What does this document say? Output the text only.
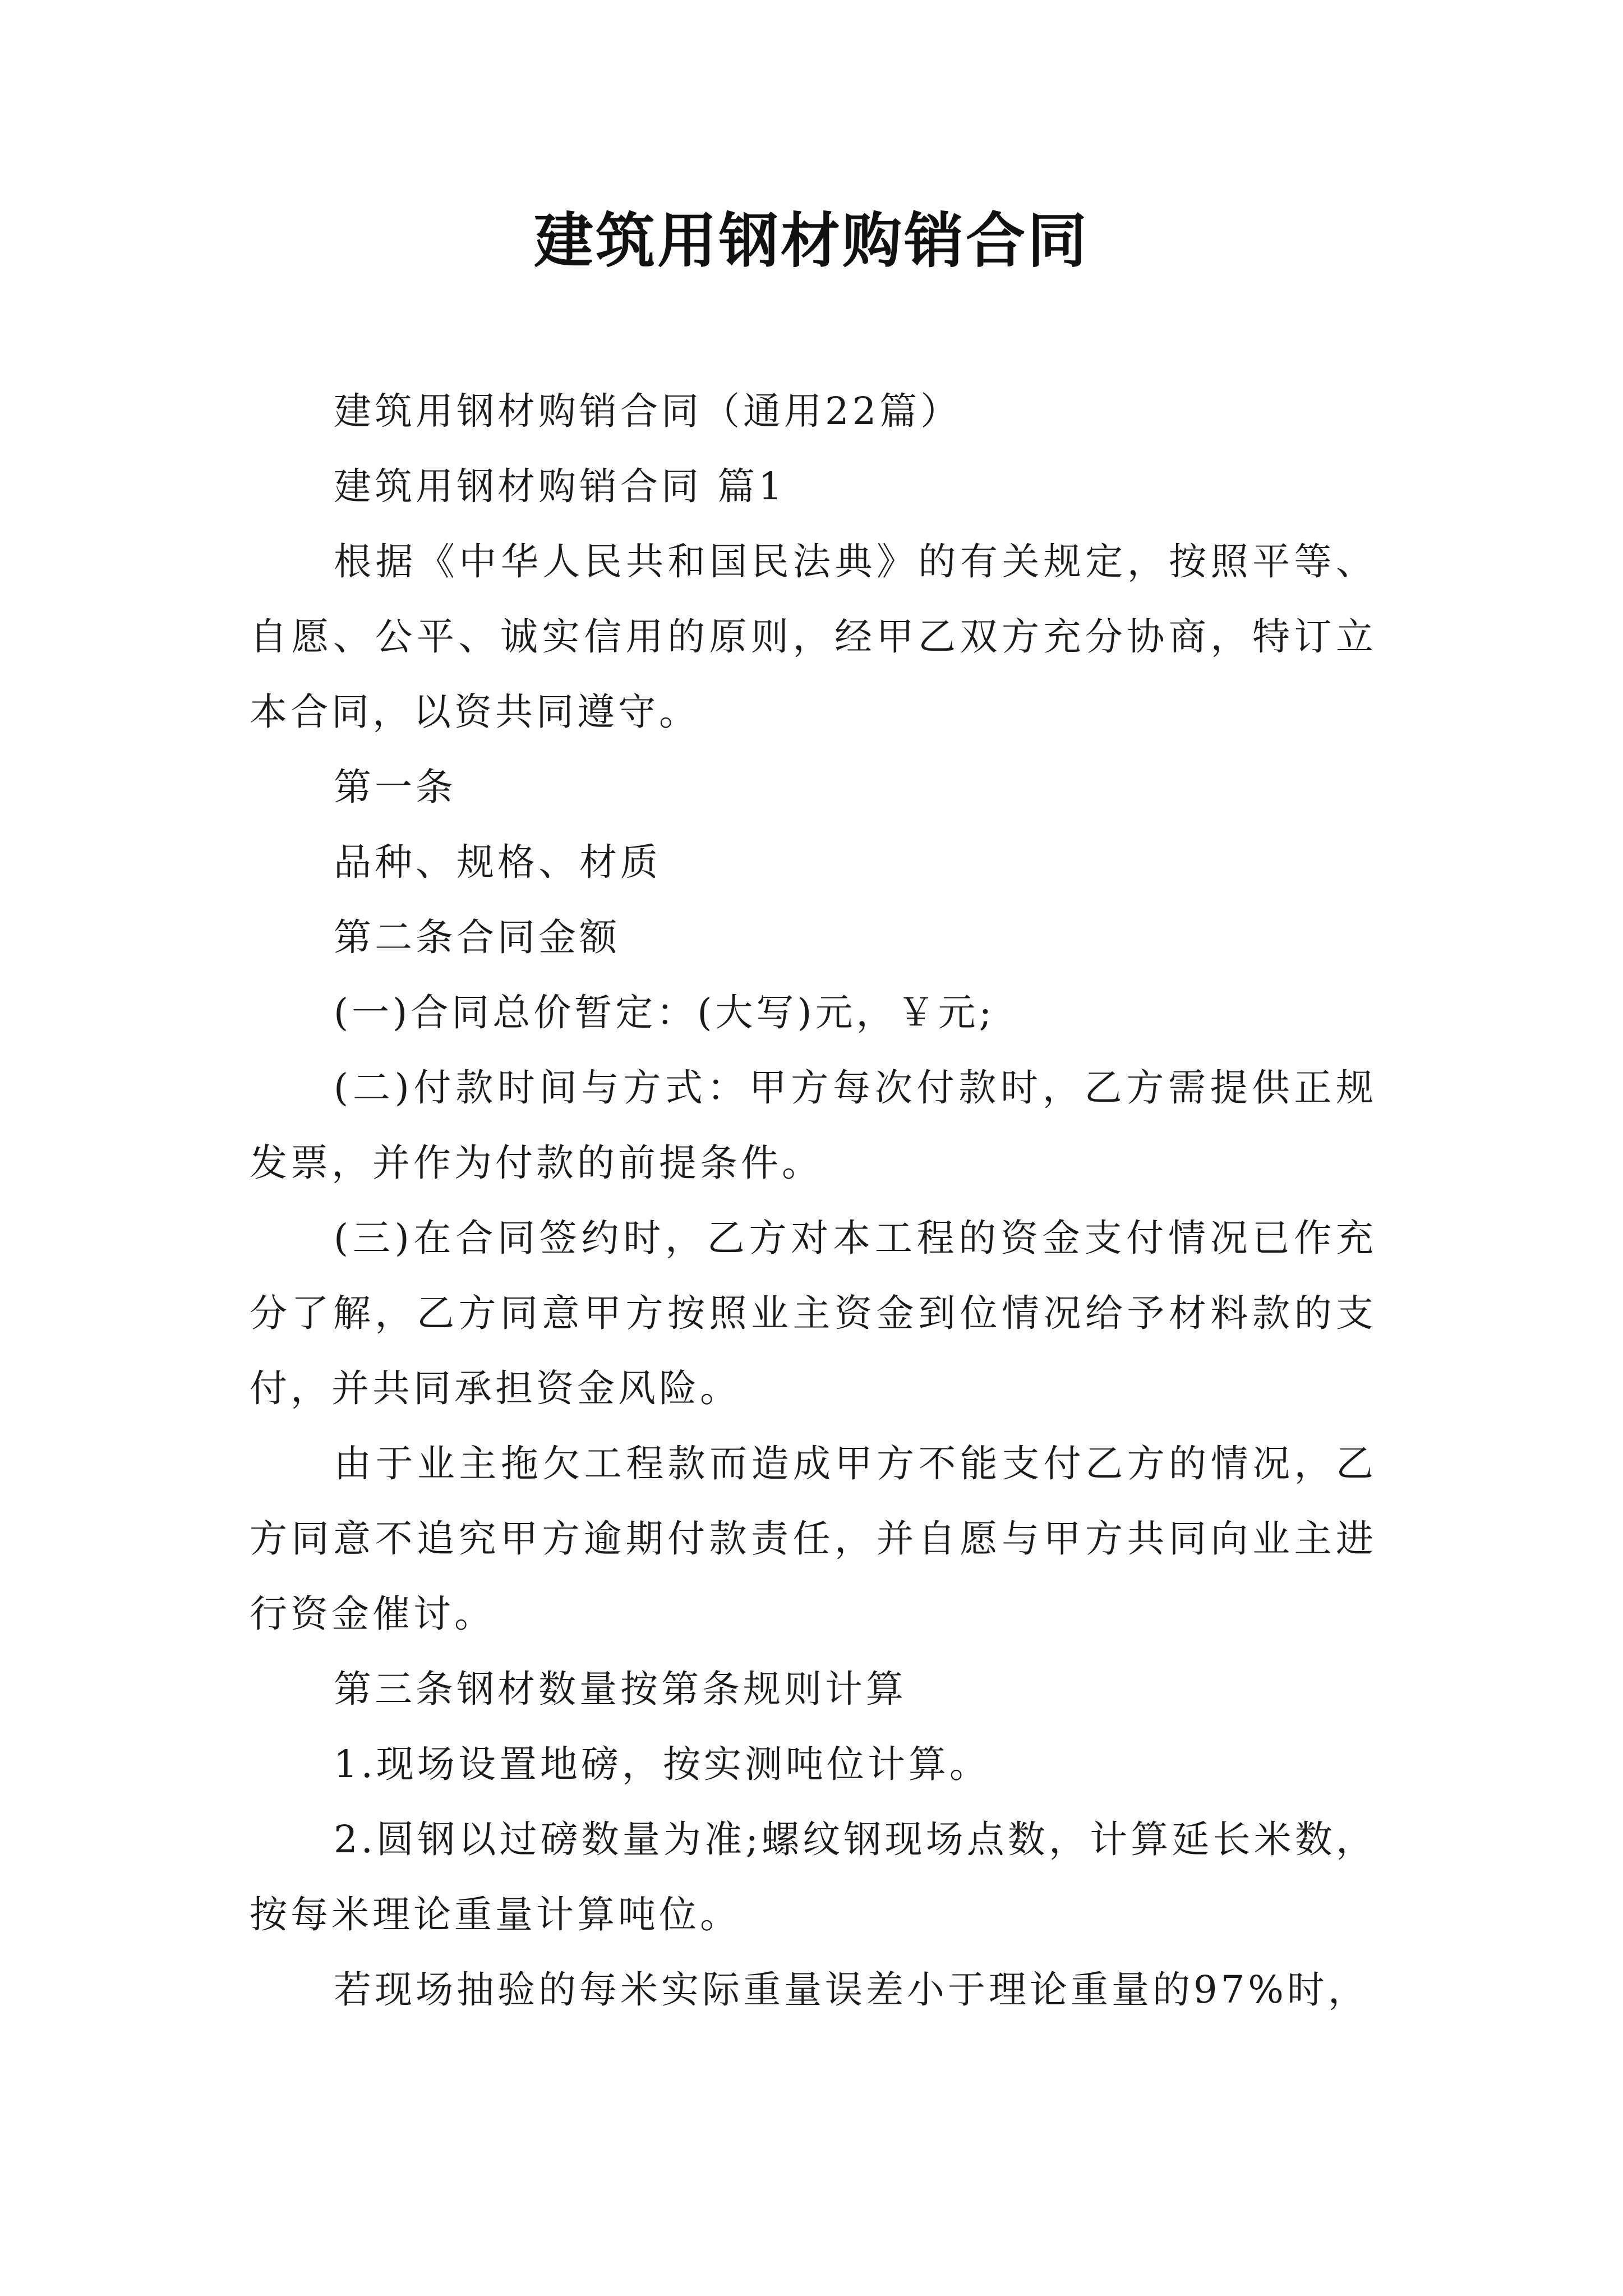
建筑用钢材购销合同

建筑用钢材购销合同（通用22篇）

建筑用钢材购销合同 篇1

根据《中华人民共和国民法典》的有关规定，按照平等、自愿、公平、诚实信用的原则，经甲乙双方充分协商，特订立本合同，以资共同遵守。

第一条

品种、规格、材质

第二条合同金额

(一)合同总价暂定：(大写)元，￥元;

(二)付款时间与方式：甲方每次付款时，乙方需提供正规发票，并作为付款的前提条件。

(三)在合同签约时，乙方对本工程的资金支付情况已作充分了解，乙方同意甲方按照业主资金到位情况给予材料款的支付，并共同承担资金风险。

由于业主拖欠工程款而造成甲方不能支付乙方的情况，乙方同意不追究甲方逾期付款责任，并自愿与甲方共同向业主进行资金催讨。

第三条钢材数量按第条规则计算

1.现场设置地磅，按实测吨位计算。

2.圆钢以过磅数量为准;螺纹钢现场点数，计算延长米数，按每米理论重量计算吨位。

若现场抽验的每米实际重量误差小于理论重量的97%时，
